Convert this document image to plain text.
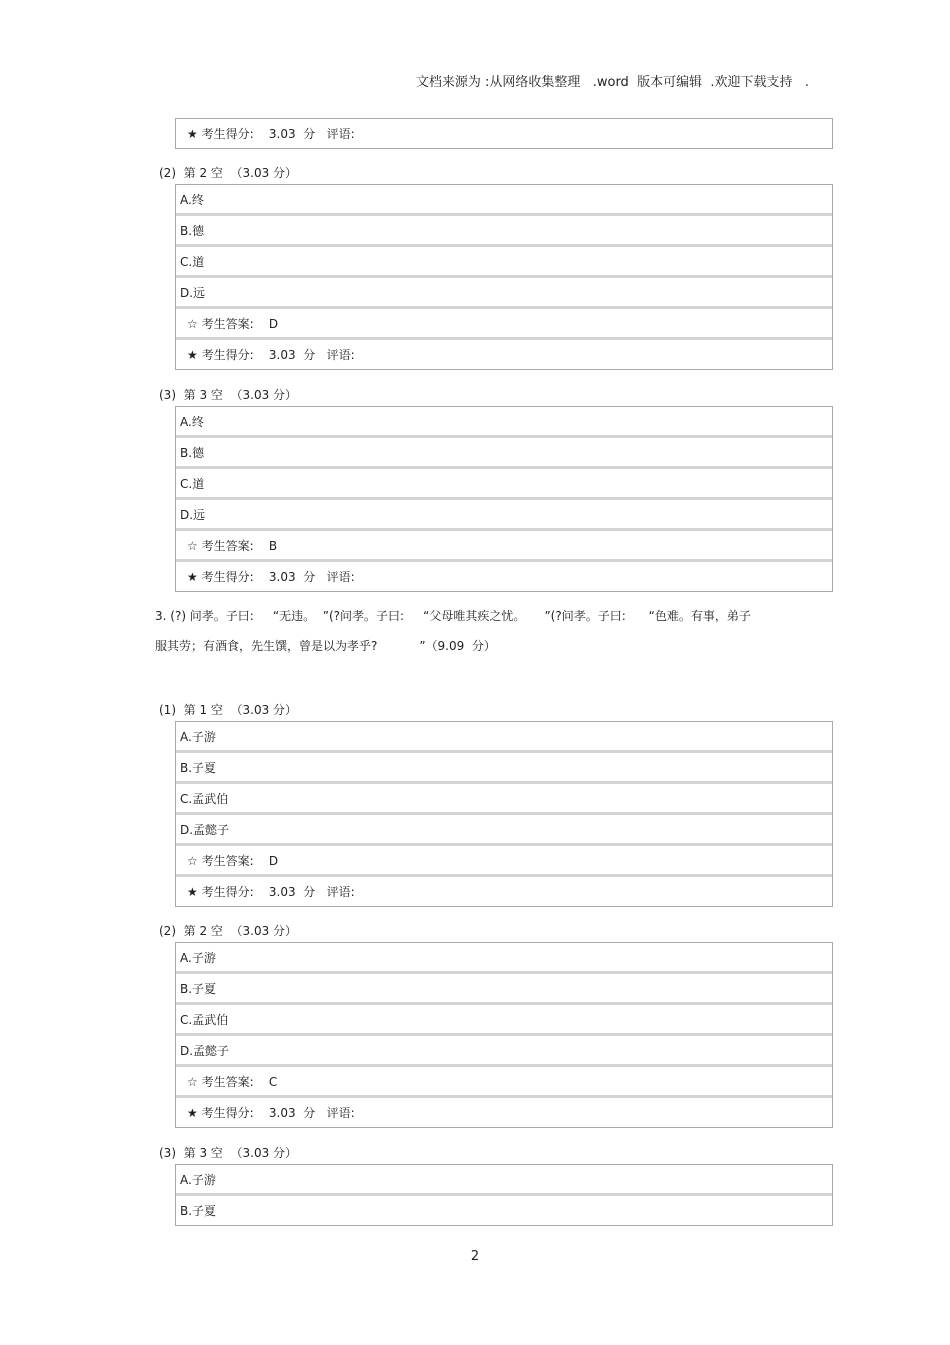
文档来源为 :从网络收集整理   .word  版本可编辑  .欢迎下载支持   .
★ 考生得分:    3.03  分   评语:
(2)  第 2 空  （3.03 分）
A.终
B.德
C.道
D.远
☆ 考生答案:    D
★ 考生得分:    3.03  分   评语:
(3)  第 3 空  （3.03 分）
A.终
B.德
C.道
D.远
☆ 考生答案:    B
★ 考生得分:    3.03  分   评语:
3. (?) 问孝。子曰:     “无违。  ”(?问孝。子曰:     “父母唯其疾之忧。     ”(?问孝。子曰:      “色难。有事，弟子
服其劳；有酒食，先生馔，曾是以为孝乎?           ”（9.09  分）
(1)  第 1 空  （3.03 分）
A.子游
B.子夏
C.孟武伯
D.孟懿子
☆ 考生答案:    D
★ 考生得分:    3.03  分   评语:
(2)  第 2 空  （3.03 分）
A.子游
B.子夏
C.孟武伯
D.孟懿子
☆ 考生答案:    C
★ 考生得分:    3.03  分   评语:
(3)  第 3 空  （3.03 分）
A.子游
B.子夏
2
